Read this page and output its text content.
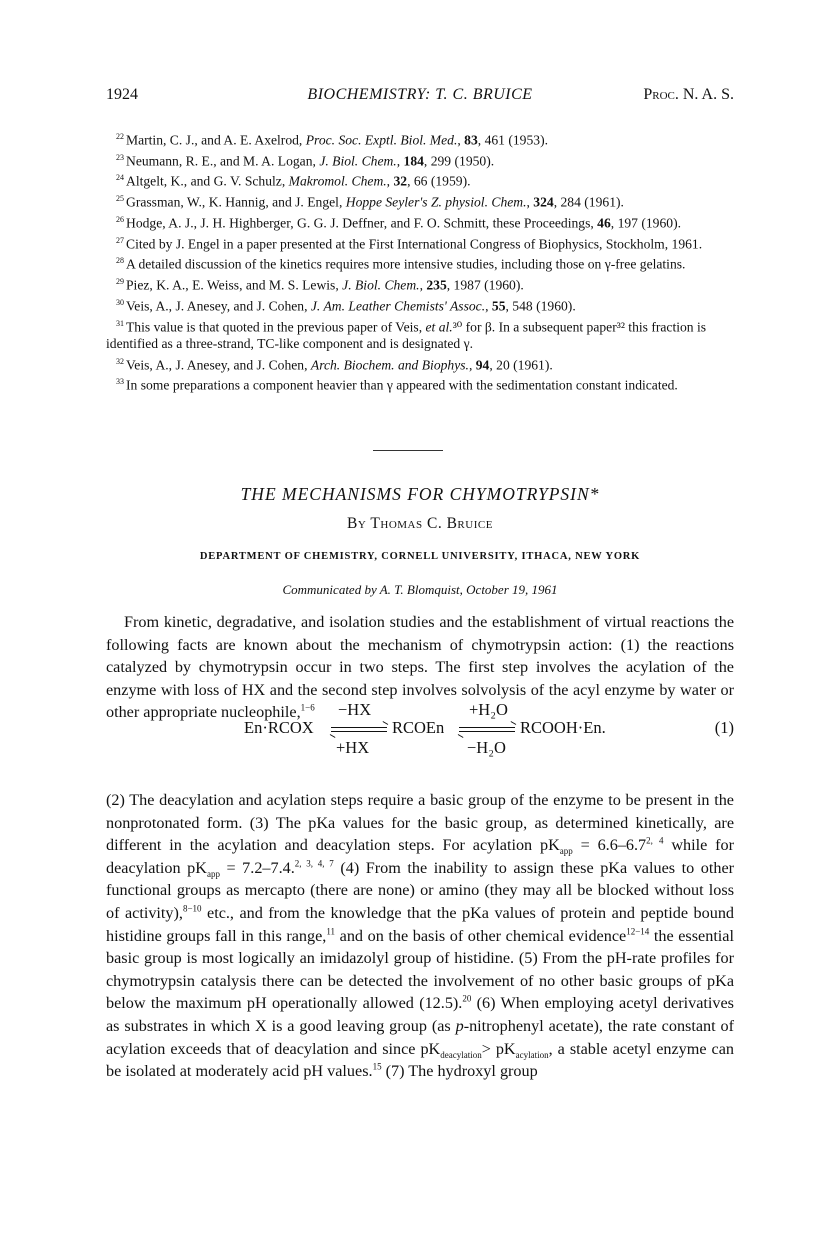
1924	BIOCHEMISTRY: T. C. BRUICE	Proc. N. A. S.
$^{22}$ Martin, C. J., and A. E. Axelrod, Proc. Soc. Exptl. Biol. Med., 83, 461 (1953).
$^{23}$ Neumann, R. E., and M. A. Logan, J. Biol. Chem., 184, 299 (1950).
$^{24}$ Altgelt, K., and G. V. Schulz, Makromol. Chem., 32, 66 (1959).
$^{25}$ Grassman, W., K. Hannig, and J. Engel, Hoppe Seyler's Z. physiol. Chem., 324, 284 (1961).
$^{26}$ Hodge, A. J., J. H. Highberger, G. G. J. Deffner, and F. O. Schmitt, these Proceedings, 46, 197 (1960).
$^{27}$ Cited by J. Engel in a paper presented at the First International Congress of Biophysics, Stockholm, 1961.
$^{28}$ A detailed discussion of the kinetics requires more intensive studies, including those on γ-free gelatins.
$^{29}$ Piez, K. A., E. Weiss, and M. S. Lewis, J. Biol. Chem., 235, 1987 (1960).
$^{30}$ Veis, A., J. Anesey, and J. Cohen, J. Am. Leather Chemists' Assoc., 55, 548 (1960).
$^{31}$ This value is that quoted in the previous paper of Veis, et al.³⁰ for β. In a subsequent paper³² this fraction is identified as a three-strand, TC-like component and is designated γ.
$^{32}$ Veis, A., J. Anesey, and J. Cohen, Arch. Biochem. and Biophys., 94, 20 (1961).
$^{33}$ In some preparations a component heavier than γ appeared with the sedimentation constant indicated.
THE MECHANISMS FOR CHYMOTRYPSIN*
By Thomas C. Bruice
DEPARTMENT OF CHEMISTRY, CORNELL UNIVERSITY, ITHACA, NEW YORK
Communicated by A. T. Blomquist, October 19, 1961
From kinetic, degradative, and isolation studies and the establishment of virtual reactions the following facts are known about the mechanism of chymotrypsin action: (1) the reactions catalyzed by chymotrypsin occur in two steps. The first step involves the acylation of the enzyme with loss of HX and the second step involves solvolysis of the acyl enzyme by water or other appropriate nucleophile,$^{1-6}$
En·RCOX
−HX
+HX
RCOEn
+H₂O
−H₂O
RCOOH·En.	(1)
(2) The deacylation and acylation steps require a basic group of the enzyme to be present in the nonprotonated form. (3) The pKa values for the basic group, as determined kinetically, are different in the acylation and deacylation steps. For acylation $pK_{app} = 6.6-6.7^{2, 4}$ while for deacylation $pK_{app} = 7.2-7.4.^{2, 3, 4, 7}$ (4) From the inability to assign these pKa values to other functional groups as mercapto (there are none) or amino (they may all be blocked without loss of activity),$^{8-10}$ etc., and from the knowledge that the pKa values of protein and peptide bound histidine groups fall in this range,$^{11}$ and on the basis of other chemical evidence$^{12-14}$ the essential basic group is most logically an imidazolyl group of histidine. (5) From the pH-rate profiles for chymotrypsin catalysis there can be detected the involvement of no other basic groups of pKa below the maximum pH operationally allowed (12.5).$^{20}$ (6) When employing acetyl derivatives as substrates in which X is a good leaving group (as p-nitrophenyl acetate), the rate constant of acylation exceeds that of deacylation and since $pK_{deacylation}> pK_{acylation}$, a stable acetyl enzyme can be isolated at moderately acid pH values.$^{15}$ (7) The hydroxyl group
